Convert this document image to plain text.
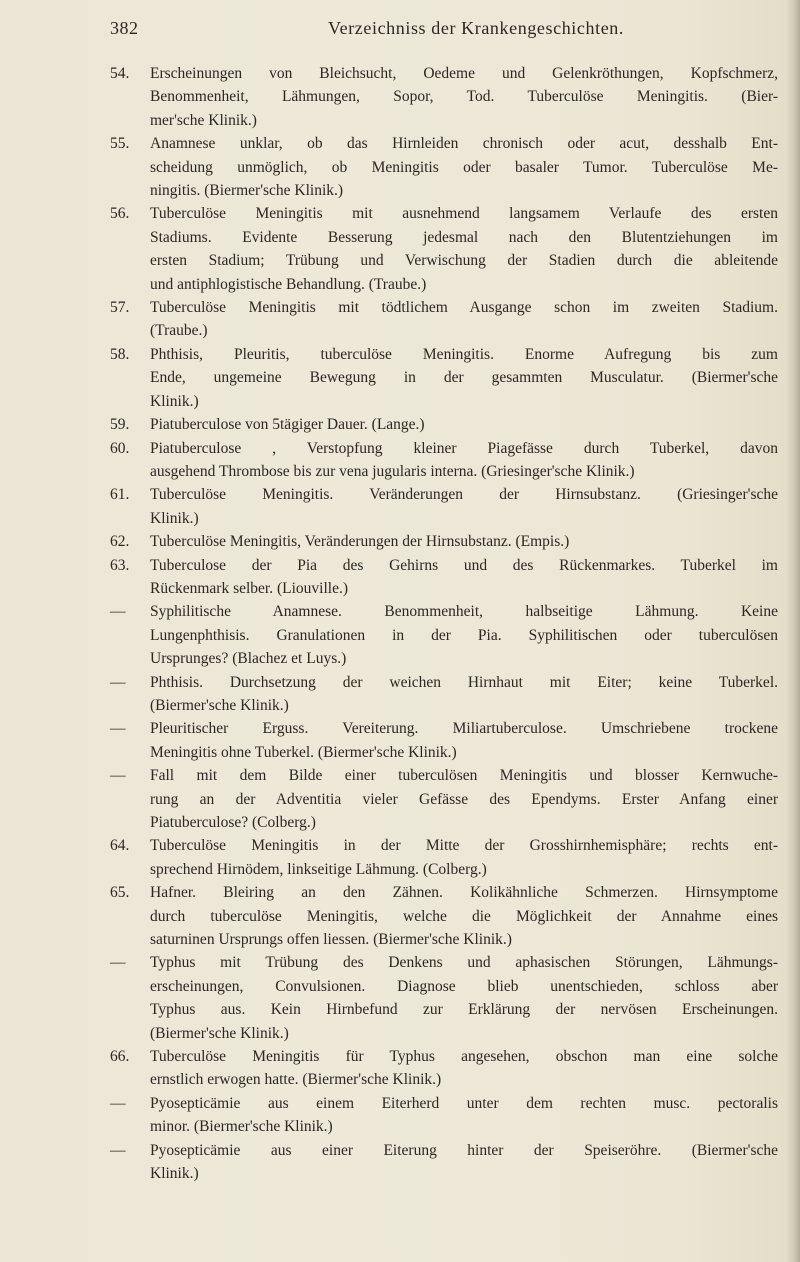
382	Verzeichniss der Krankengeschichten.
54. Erscheinungen von Bleichsucht, Oedeme und Gelenkröthungen, Kopfschmerz,
Benommenheit, Lähmungen, Sopor, Tod. Tuberculöse Meningitis. (Bier-
mer'sche Klinik.)
55. Anamnese unklar, ob das Hirnleiden chronisch oder acut, desshalb Ent-
scheidung unmöglich, ob Meningitis oder basaler Tumor. Tuberculöse Me-
ningitis. (Biermer'sche Klinik.)
56. Tuberculöse Meningitis mit ausnehmend langsamem Verlaufe des ersten
Stadiums. Evidente Besserung jedesmal nach den Blutentziehungen im
ersten Stadium; Trübung und Verwischung der Stadien durch die ableitende
und antiphlogistische Behandlung. (Traube.)
57. Tuberculöse Meningitis mit tödtlichem Ausgange schon im zweiten Stadium.
(Traube.)
58. Phthisis, Pleuritis, tuberculöse Meningitis. Enorme Aufregung bis zum
Ende, ungemeine Bewegung in der gesammten Musculatur. (Biermer'sche
Klinik.)
59. Piatuberculose von 5tägiger Dauer. (Lange.)
60. Piatuberculose , Verstopfung kleiner Piagefässe durch Tuberkel, davon
ausgehend Thrombose bis zur vena jugularis interna. (Griesinger'sche Klinik.)
61. Tuberculöse Meningitis. Veränderungen der Hirnsubstanz. (Griesinger'sche
Klinik.)
62. Tuberculöse Meningitis, Veränderungen der Hirnsubstanz. (Empis.)
63. Tuberculose der Pia des Gehirns und des Rückenmarkes. Tuberkel im
Rückenmark selber. (Liouville.)
— Syphilitische Anamnese. Benommenheit, halbseitige Lähmung. Keine
Lungenphthisis. Granulationen in der Pia. Syphilitischen oder tuberculösen
Ursprunges? (Blachez et Luys.)
— Phthisis. Durchsetzung der weichen Hirnhaut mit Eiter; keine Tuberkel.
(Biermer'sche Klinik.)
— Pleuritischer Erguss. Vereiterung. Miliartuberculose. Umschriebene trockene
Meningitis ohne Tuberkel. (Biermer'sche Klinik.)
— Fall mit dem Bilde einer tuberculösen Meningitis und blosser Kernwuche-
rung an der Adventitia vieler Gefässe des Ependyms. Erster Anfang einer
Piatuberculose? (Colberg.)
64. Tuberculöse Meningitis in der Mitte der Grosshirnhemisphäre; rechts ent-
sprechend Hirnödem, linkseitige Lähmung. (Colberg.)
65. Hafner. Bleiring an den Zähnen. Kolikähnliche Schmerzen. Hirnsymptome
durch tuberculöse Meningitis, welche die Möglichkeit der Annahme eines
saturninen Ursprungs offen liessen. (Biermer'sche Klinik.)
— Typhus mit Trübung des Denkens und aphasischen Störungen, Lähmungs-
erscheinungen, Convulsionen. Diagnose blieb unentschieden, schloss aber
Typhus aus. Kein Hirnbefund zur Erklärung der nervösen Erscheinungen.
(Biermer'sche Klinik.)
66. Tuberculöse Meningitis für Typhus angesehen, obschon man eine solche
ernstlich erwogen hatte. (Biermer'sche Klinik.)
— Pyosepticämie aus einem Eiterherd unter dem rechten musc. pectoralis
minor. (Biermer'sche Klinik.)
— Pyosepticämie aus einer Eiterung hinter der Speiseröhre. (Biermer'sche
Klinik.)
